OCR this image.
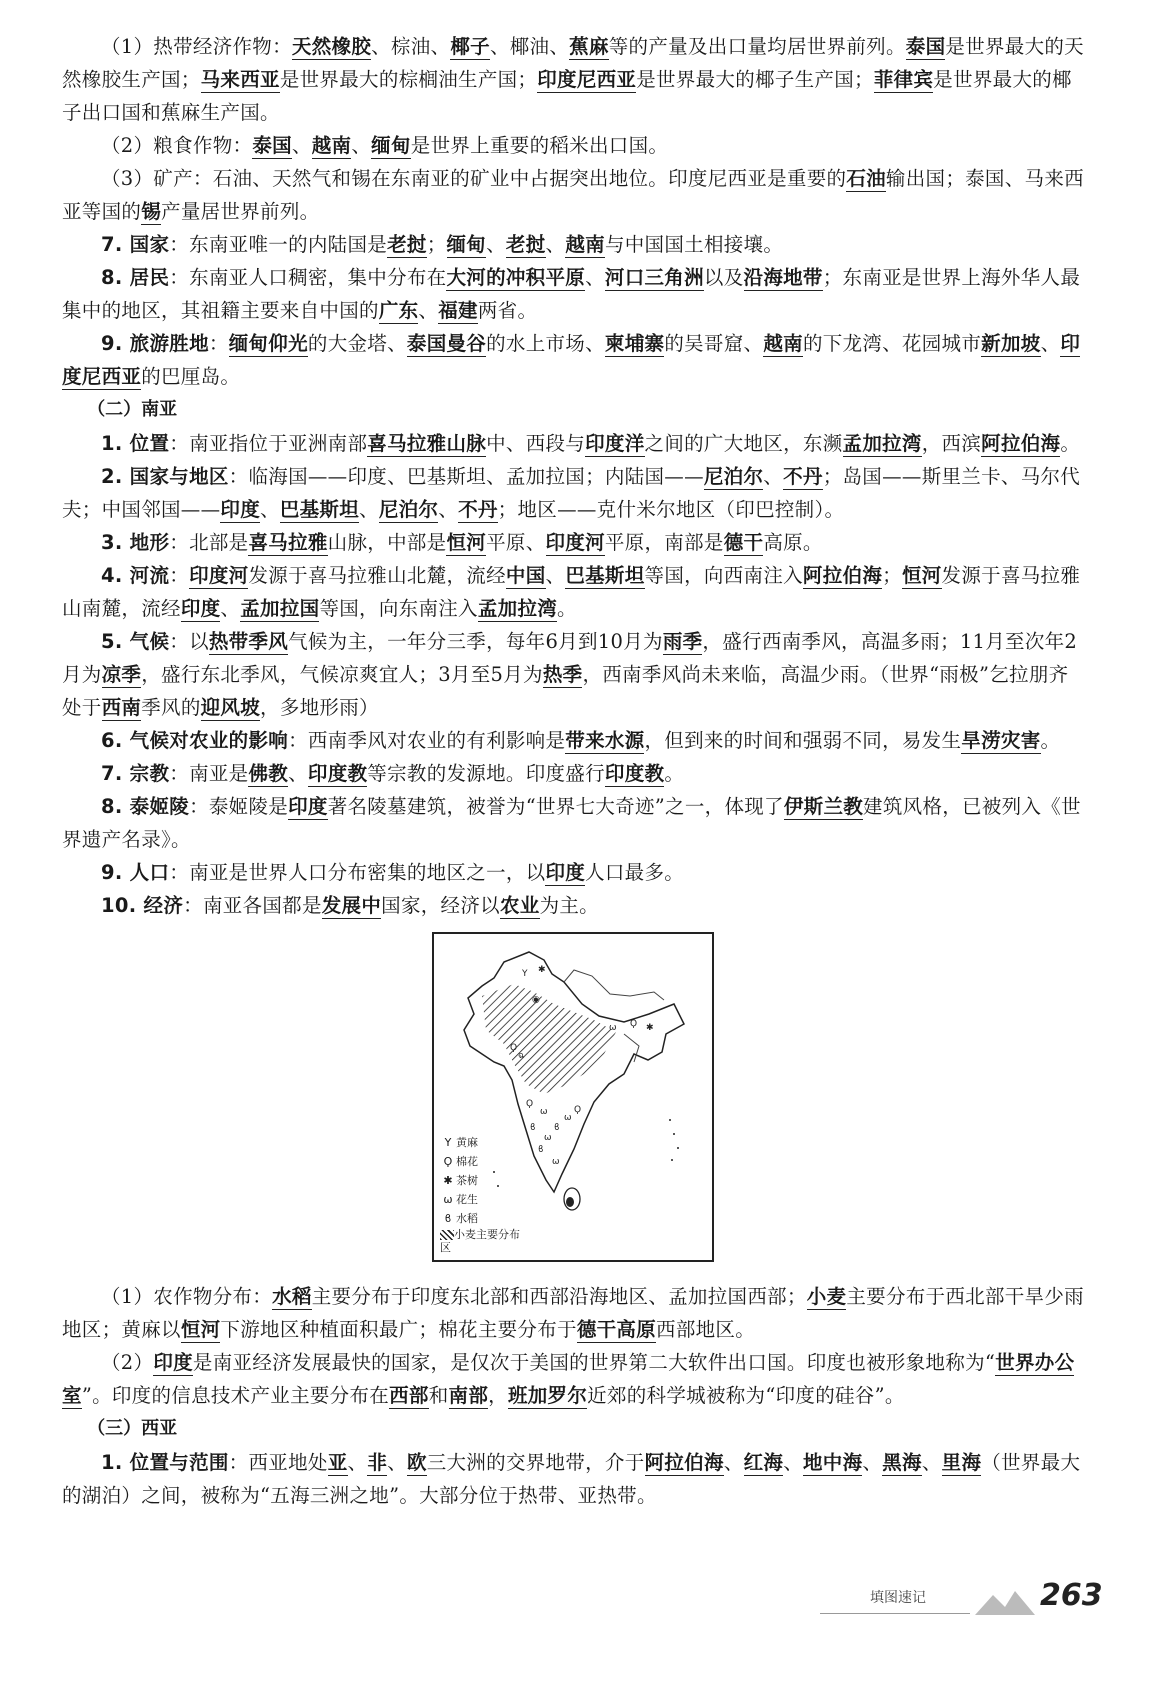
（1）热带经济作物：天然橡胶、棕油、椰子、椰油、蕉麻等的产量及出口量均居世界前列。泰国是世界最大的天然橡胶生产国；马来西亚是世界最大的棕榈油生产国；印度尼西亚是世界最大的椰子生产国；菲律宾是世界最大的椰子出口国和蕉麻生产国。

（2）粮食作物：泰国、越南、缅甸是世界上重要的稻米出口国。

（3）矿产：石油、天然气和锡在东南亚的矿业中占据突出地位。印度尼西亚是重要的石油输出国；泰国、马来西亚等国的锡产量居世界前列。

7. 国家：东南亚唯一的内陆国是老挝；缅甸、老挝、越南与中国国土相接壤。

8. 居民：东南亚人口稠密，集中分布在大河的冲积平原、河口三角洲以及沿海地带；东南亚是世界上海外华人最集中的地区，其祖籍主要来自中国的广东、福建两省。

9. 旅游胜地：缅甸仰光的大金塔、泰国曼谷的水上市场、柬埔寨的吴哥窟、越南的下龙湾、花园城市新加坡、印度尼西亚的巴厘岛。

（二）南亚

1. 位置：南亚指位于亚洲南部喜马拉雅山脉中、西段与印度洋之间的广大地区，东濒孟加拉湾，西滨阿拉伯海。

2. 国家与地区：临海国——印度、巴基斯坦、孟加拉国；内陆国——尼泊尔、不丹；岛国——斯里兰卡、马尔代夫；中国邻国——印度、巴基斯坦、尼泊尔、不丹；地区——克什米尔地区（印巴控制）。

3. 地形：北部是喜马拉雅山脉，中部是恒河平原、印度河平原，南部是德干高原。

4. 河流：印度河发源于喜马拉雅山北麓，流经中国、巴基斯坦等国，向西南注入阿拉伯海；恒河发源于喜马拉雅山南麓，流经印度、孟加拉国等国，向东南注入孟加拉湾。

5. 气候：以热带季风气候为主，一年分三季，每年6月到10月为雨季，盛行西南季风，高温多雨；11月至次年2月为凉季，盛行东北季风，气候凉爽宜人；3月至5月为热季，西南季风尚未来临，高温少雨。（世界“雨极”乞拉朋齐处于西南季风的迎风坡，多地形雨）

6. 气候对农业的影响：西南季风对农业的有利影响是带来水源，但到来的时间和强弱不同，易发生旱涝灾害。

7. 宗教：南亚是佛教、印度教等宗教的发源地。印度盛行印度教。

8. 泰姬陵：泰姬陵是印度著名陵墓建筑，被誉为“世界七大奇迹”之一，体现了伊斯兰教建筑风格，已被列入《世界遗产名录》。

9. 人口：南亚是世界人口分布密集的地区之一，以印度人口最多。

10. 经济：南亚各国都是发展中国家，经济以农业为主。

Y ✱
◉
Ϙ
ฉ
Ϙ
ω
ϐ
ω
ϐ
ϐ
ω
ω Ϙ ✱
Ϙ
ω
Y 黄麻
Ϙ 棉花
✱ 茶树
ω 花生
ϐ 水稻
小麦主要分布区

（1）农作物分布：水稻主要分布于印度东北部和西部沿海地区、孟加拉国西部；小麦主要分布于西北部干旱少雨地区；黄麻以恒河下游地区种植面积最广；棉花主要分布于德干高原西部地区。

（2）印度是南亚经济发展最快的国家，是仅次于美国的世界第二大软件出口国。印度也被形象地称为“世界办公室”。印度的信息技术产业主要分布在西部和南部，班加罗尔近郊的科学城被称为“印度的硅谷”。

（三）西亚

1. 位置与范围：西亚地处亚、非、欧三大洲的交界地带，介于阿拉伯海、红海、地中海、黑海、里海（世界最大的湖泊）之间，被称为“五海三洲之地”。大部分位于热带、亚热带。

填图速记	263
